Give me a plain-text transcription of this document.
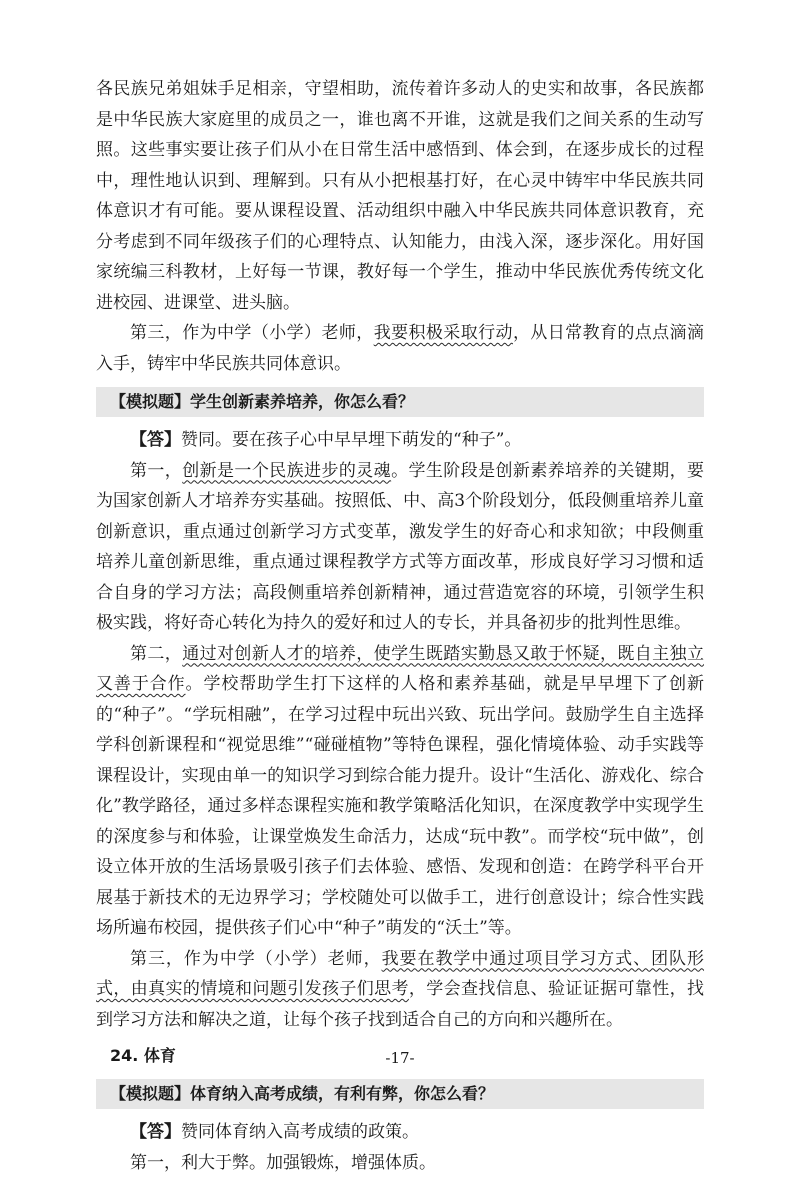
各民族兄弟姐妹手足相亲，守望相助，流传着许多动人的史实和故事，各民族都是中华民族大家庭里的成员之一，谁也离不开谁，这就是我们之间关系的生动写照。这些事实要让孩子们从小在日常生活中感悟到、体会到，在逐步成长的过程中，理性地认识到、理解到。只有从小把根基打好，在心灵中铸牢中华民族共同体意识才有可能。要从课程设置、活动组织中融入中华民族共同体意识教育，充分考虑到不同年级孩子们的心理特点、认知能力，由浅入深，逐步深化。用好国家统编三科教材，上好每一节课，教好每一个学生，推动中华民族优秀传统文化进校园、进课堂、进头脑。

第三，作为中学（小学）老师，我要积极采取行动，从日常教育的点点滴滴入手，铸牢中华民族共同体意识。

【模拟题】学生创新素养培养，你怎么看？

【答】赞同。要在孩子心中早早埋下萌发的“种子”。

第一，创新是一个民族进步的灵魂。学生阶段是创新素养培养的关键期，要为国家创新人才培养夯实基础。按照低、中、高3个阶段划分，低段侧重培养儿童创新意识，重点通过创新学习方式变革，激发学生的好奇心和求知欲；中段侧重培养儿童创新思维，重点通过课程教学方式等方面改革，形成良好学习习惯和适合自身的学习方法；高段侧重培养创新精神，通过营造宽容的环境，引领学生积极实践，将好奇心转化为持久的爱好和过人的专长，并具备初步的批判性思维。

第二，通过对创新人才的培养，使学生既踏实勤恳又敢于怀疑，既自主独立又善于合作。学校帮助学生打下这样的人格和素养基础，就是早早埋下了创新的“种子”。“学玩相融”，在学习过程中玩出兴致、玩出学问。鼓励学生自主选择学科创新课程和“视觉思维”“碰碰植物”等特色课程，强化情境体验、动手实践等课程设计，实现由单一的知识学习到综合能力提升。设计“生活化、游戏化、综合化”教学路径，通过多样态课程实施和教学策略活化知识，在深度教学中实现学生的深度参与和体验，让课堂焕发生命活力，达成“玩中教”。而学校“玩中做”，创设立体开放的生活场景吸引孩子们去体验、感悟、发现和创造：在跨学科平台开展基于新技术的无边界学习；学校随处可以做手工，进行创意设计；综合性实践场所遍布校园，提供孩子们心中“种子”萌发的“沃土”等。

第三，作为中学（小学）老师，我要在教学中通过项目学习方式、团队形式，由真实的情境和问题引发孩子们思考，学会查找信息、验证证据可靠性，找到学习方法和解决之道，让每个孩子找到适合自己的方向和兴趣所在。

24. 体育
【模拟题】体育纳入高考成绩，有利有弊，你怎么看？

【答】赞同体育纳入高考成绩的政策。

第一，利大于弊。加强锻炼，增强体质。

-17-
